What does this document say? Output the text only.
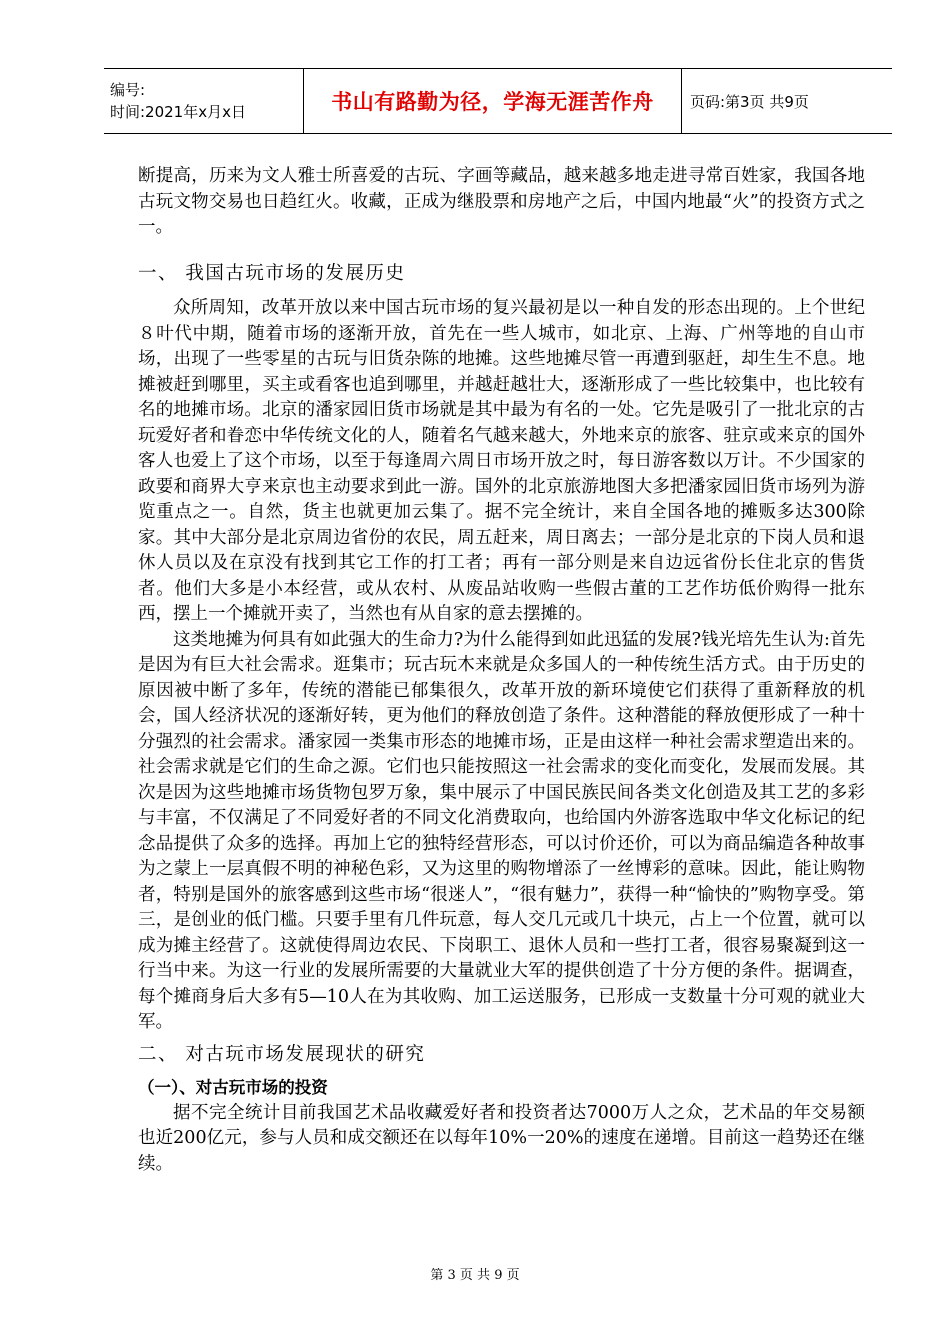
编号:
时间:2021年x月x日	书山有路勤为径，学海无涯苦作舟	页码:第3页 共9页

断提高，历来为文人雅士所喜爱的古玩、字画等藏品，越来越多地走进寻常百姓家，我国各地古玩文物交易也日趋红火。收藏，正成为继股票和房地产之后，中国内地最“火”的投资方式之一。

一、 我国古玩市场的发展历史

众所周知，改革开放以来中国古玩市场的复兴最初是以一种自发的形态出现的。上个世纪８叶代中期，随着市场的逐渐开放，首先在一些人城市，如北京、上海、广州等地的自山市场，出现了一些零星的古玩与旧货杂陈的地摊。这些地摊尽管一再遭到驱赶，却生生不息。地摊被赶到哪里，买主或看客也追到哪里，并越赶越壮大，逐渐形成了一些比较集中，也比较有名的地摊市场。北京的潘家园旧货市场就是其中最为有名的一处。它先是吸引了一批北京的古玩爱好者和眷恋中华传统文化的人，随着名气越来越大，外地来京的旅客、驻京或来京的国外客人也爱上了这个市场，以至于每逢周六周日市场开放之时，每日游客数以万计。不少国家的政要和商界大亨来京也主动要求到此一游。国外的北京旅游地图大多把潘家园旧货市场列为游览重点之一。自然，货主也就更加云集了。据不完全统计，来自全国各地的摊贩多达300除家。其中大部分是北京周边省份的农民，周五赶来，周日离去；一部分是北京的下岗人员和退休人员以及在京没有找到其它工作的打工者；再有一部分则是来自边远省份长住北京的售货者。他们大多是小本经营，或从农村、从废品站收购一些假古董的工艺作坊低价购得一批东西，摆上一个摊就开卖了，当然也有从自家的意去摆摊的。

这类地摊为何具有如此强大的生命力?为什么能得到如此迅猛的发展?钱光培先生认为:首先是因为有巨大社会需求。逛集市；玩古玩木来就是众多国人的一种传统生活方式。由于历史的原因被中断了多年，传统的潜能已郁集很久，改革开放的新环境使它们获得了重新释放的机会，国人经济状况的逐渐好转，更为他们的释放创造了条件。这种潜能的释放便形成了一种十分强烈的社会需求。潘家园一类集市形态的地摊市场，正是由这样一种社会需求塑造出来的。社会需求就是它们的生命之源。它们也只能按照这一社会需求的变化而变化，发展而发展。其次是因为这些地摊市场货物包罗万象，集中展示了中国民族民间各类文化创造及其工艺的多彩与丰富，不仅满足了不同爱好者的不同文化消费取向，也给国内外游客选取中华文化标记的纪念品提供了众多的选择。再加上它的独特经营形态，可以讨价还价，可以为商品编造各种故事为之蒙上一层真假不明的神秘色彩，又为这里的购物增添了一丝博彩的意味。因此，能让购物者，特别是国外的旅客感到这些市场“很迷人”，“很有魅力”，获得一种“愉快的”购物享受。第三，是创业的低门槛。只要手里有几件玩意，每人交几元或几十块元，占上一个位置，就可以成为摊主经营了。这就使得周边农民、下岗职工、退休人员和一些打工者，很容易聚凝到这一行当中来。为这一行业的发展所需要的大量就业大军的提供创造了十分方便的条件。据调查，每个摊商身后大多有5—10人在为其收购、加工运送服务，已形成一支数量十分可观的就业大军。

二、 对古玩市场发展现状的研究

（一）、对古玩市场的投资

据不完全统计目前我国艺术品收藏爱好者和投资者达7000万人之众，艺术品的年交易额也近200亿元，参与人员和成交额还在以每年10%一20%的速度在递增。目前这一趋势还在继续。

第 3 页 共 9 页
